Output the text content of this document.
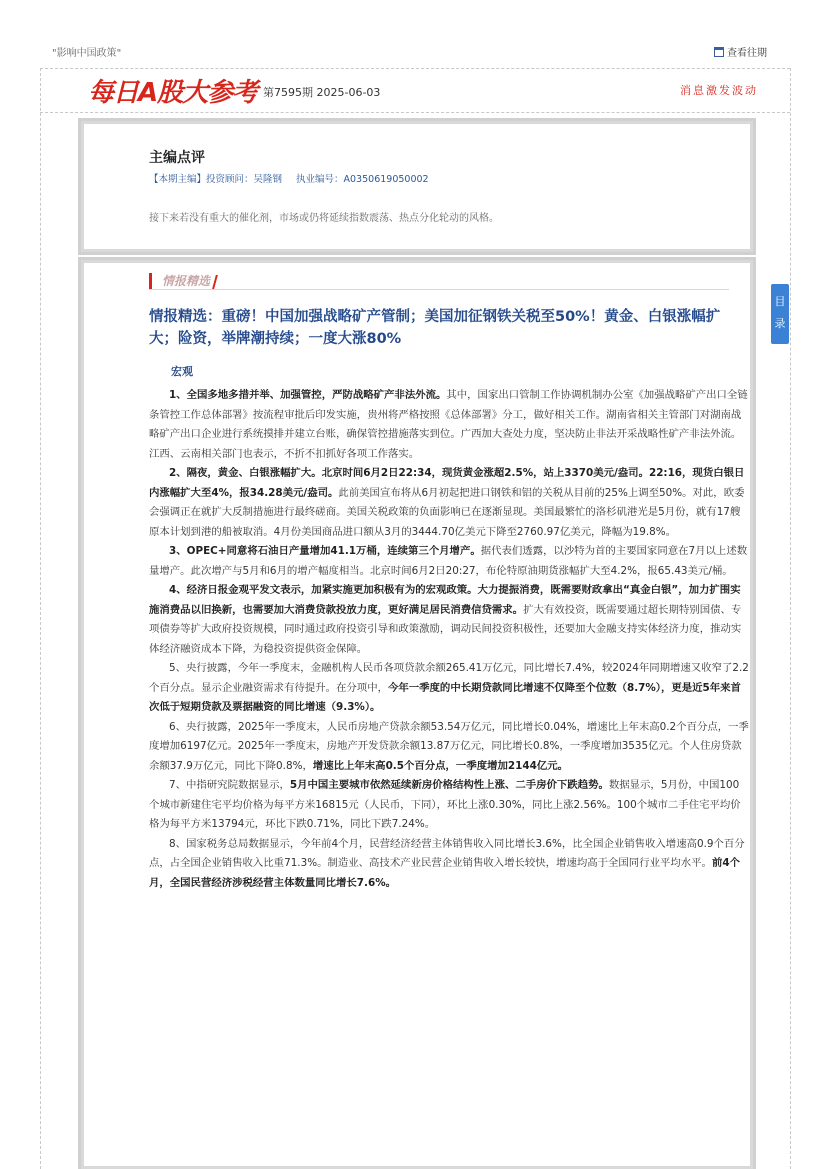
"影响中国政策"	查看往期
每日A股大参考 第7595期 2025-06-03	消息激发波动
主编点评
【本期主编】投资顾问：吴隆钢 执业编号：A0350619050002
接下来若没有重大的催化剂，市场或仍将延续指数震荡、热点分化轮动的风格。
情报精选
情报精选：重磅！中国加强战略矿产管制；美国加征钢铁关税至50%！黄金、白银涨幅扩大；险资，举牌潮持续；一度大涨80%
宏观

1、全国多地多措并举、加强管控，严防战略矿产非法外流。其中，国家出口管制工作协调机制办公室《加强战略矿产出口全链条管控工作总体部署》按流程审批后印发实施，贵州将严格按照《总体部署》分工，做好相关工作。湖南省相关主管部门对湖南战略矿产出口企业进行系统摸排并建立台账，确保管控措施落实到位。广西加大查处力度，坚决防止非法开采战略性矿产非法外流。江西、云南相关部门也表示，不折不扣抓好各项工作落实。

2、隔夜，黄金、白银涨幅扩大。北京时间6月2日22:34，现货黄金涨超2.5%，站上3370美元/盎司。22:16，现货白银日内涨幅扩大至4%，报34.28美元/盎司。此前美国宣布将从6月初起把进口钢铁和铝的关税从目前的25%上调至50%。对此，欧委会强调正在就扩大反制措施进行最终磋商。美国关税政策的负面影响已在逐渐显现。美国最繁忙的洛杉矶港光是5月份，就有17艘原本计划到港的船被取消。4月份美国商品进口额从3月的3444.70亿美元下降至2760.97亿美元，降幅为19.8%。

3、OPEC+同意将石油日产量增加41.1万桶，连续第三个月增产。据代表们透露，以沙特为首的主要国家同意在7月以上述数量增产。此次增产与5月和6月的增产幅度相当。北京时间6月2日20:27，布伦特原油期货涨幅扩大至4.2%，报65.43美元/桶。

4、经济日报金观平发文表示，加紧实施更加积极有为的宏观政策。大力提振消费，既需要财政拿出“真金白银”，加力扩围实施消费品以旧换新，也需要加大消费贷款投放力度，更好满足居民消费信贷需求。扩大有效投资，既需要通过超长期特别国债、专项债券等扩大政府投资规模，同时通过政府投资引导和政策激励，调动民间投资积极性，还要加大金融支持实体经济力度，推动实体经济融资成本下降，为稳投资提供资金保障。

5、央行披露，今年一季度末，金融机构人民币各项贷款余额265.41万亿元，同比增长7.4%，较2024年同期增速又收窄了2.2个百分点。显示企业融资需求有待提升。在分项中，今年一季度的中长期贷款同比增速不仅降至个位数（8.7%），更是近5年来首次低于短期贷款及票据融资的同比增速（9.3%）。

6、央行披露，2025年一季度末，人民币房地产贷款余额53.54万亿元，同比增长0.04%，增速比上年末高0.2个百分点，一季度增加6197亿元。2025年一季度末，房地产开发贷款余额13.87万亿元，同比增长0.8%，一季度增加3535亿元。个人住房贷款余额37.9万亿元，同比下降0.8%，增速比上年末高0.5个百分点，一季度增加2144亿元。

7、中指研究院数据显示，5月中国主要城市依然延续新房价格结构性上涨、二手房价下跌趋势。数据显示，5月份，中国100个城市新建住宅平均价格为每平方米16815元（人民币，下同），环比上涨0.30%，同比上涨2.56%。100个城市二手住宅平均价格为每平方米13794元，环比下跌0.71%，同比下跌7.24%。

8、国家税务总局数据显示，今年前4个月，民营经济经营主体销售收入同比增长3.6%，比全国企业销售收入增速高0.9个百分点，占全国企业销售收入比重71.3%。制造业、高技术产业民营企业销售收入增长较快，增速均高于全国同行业平均水平。前4个月，全国民营经济涉税经营主体数量同比增长7.6%。

目录
